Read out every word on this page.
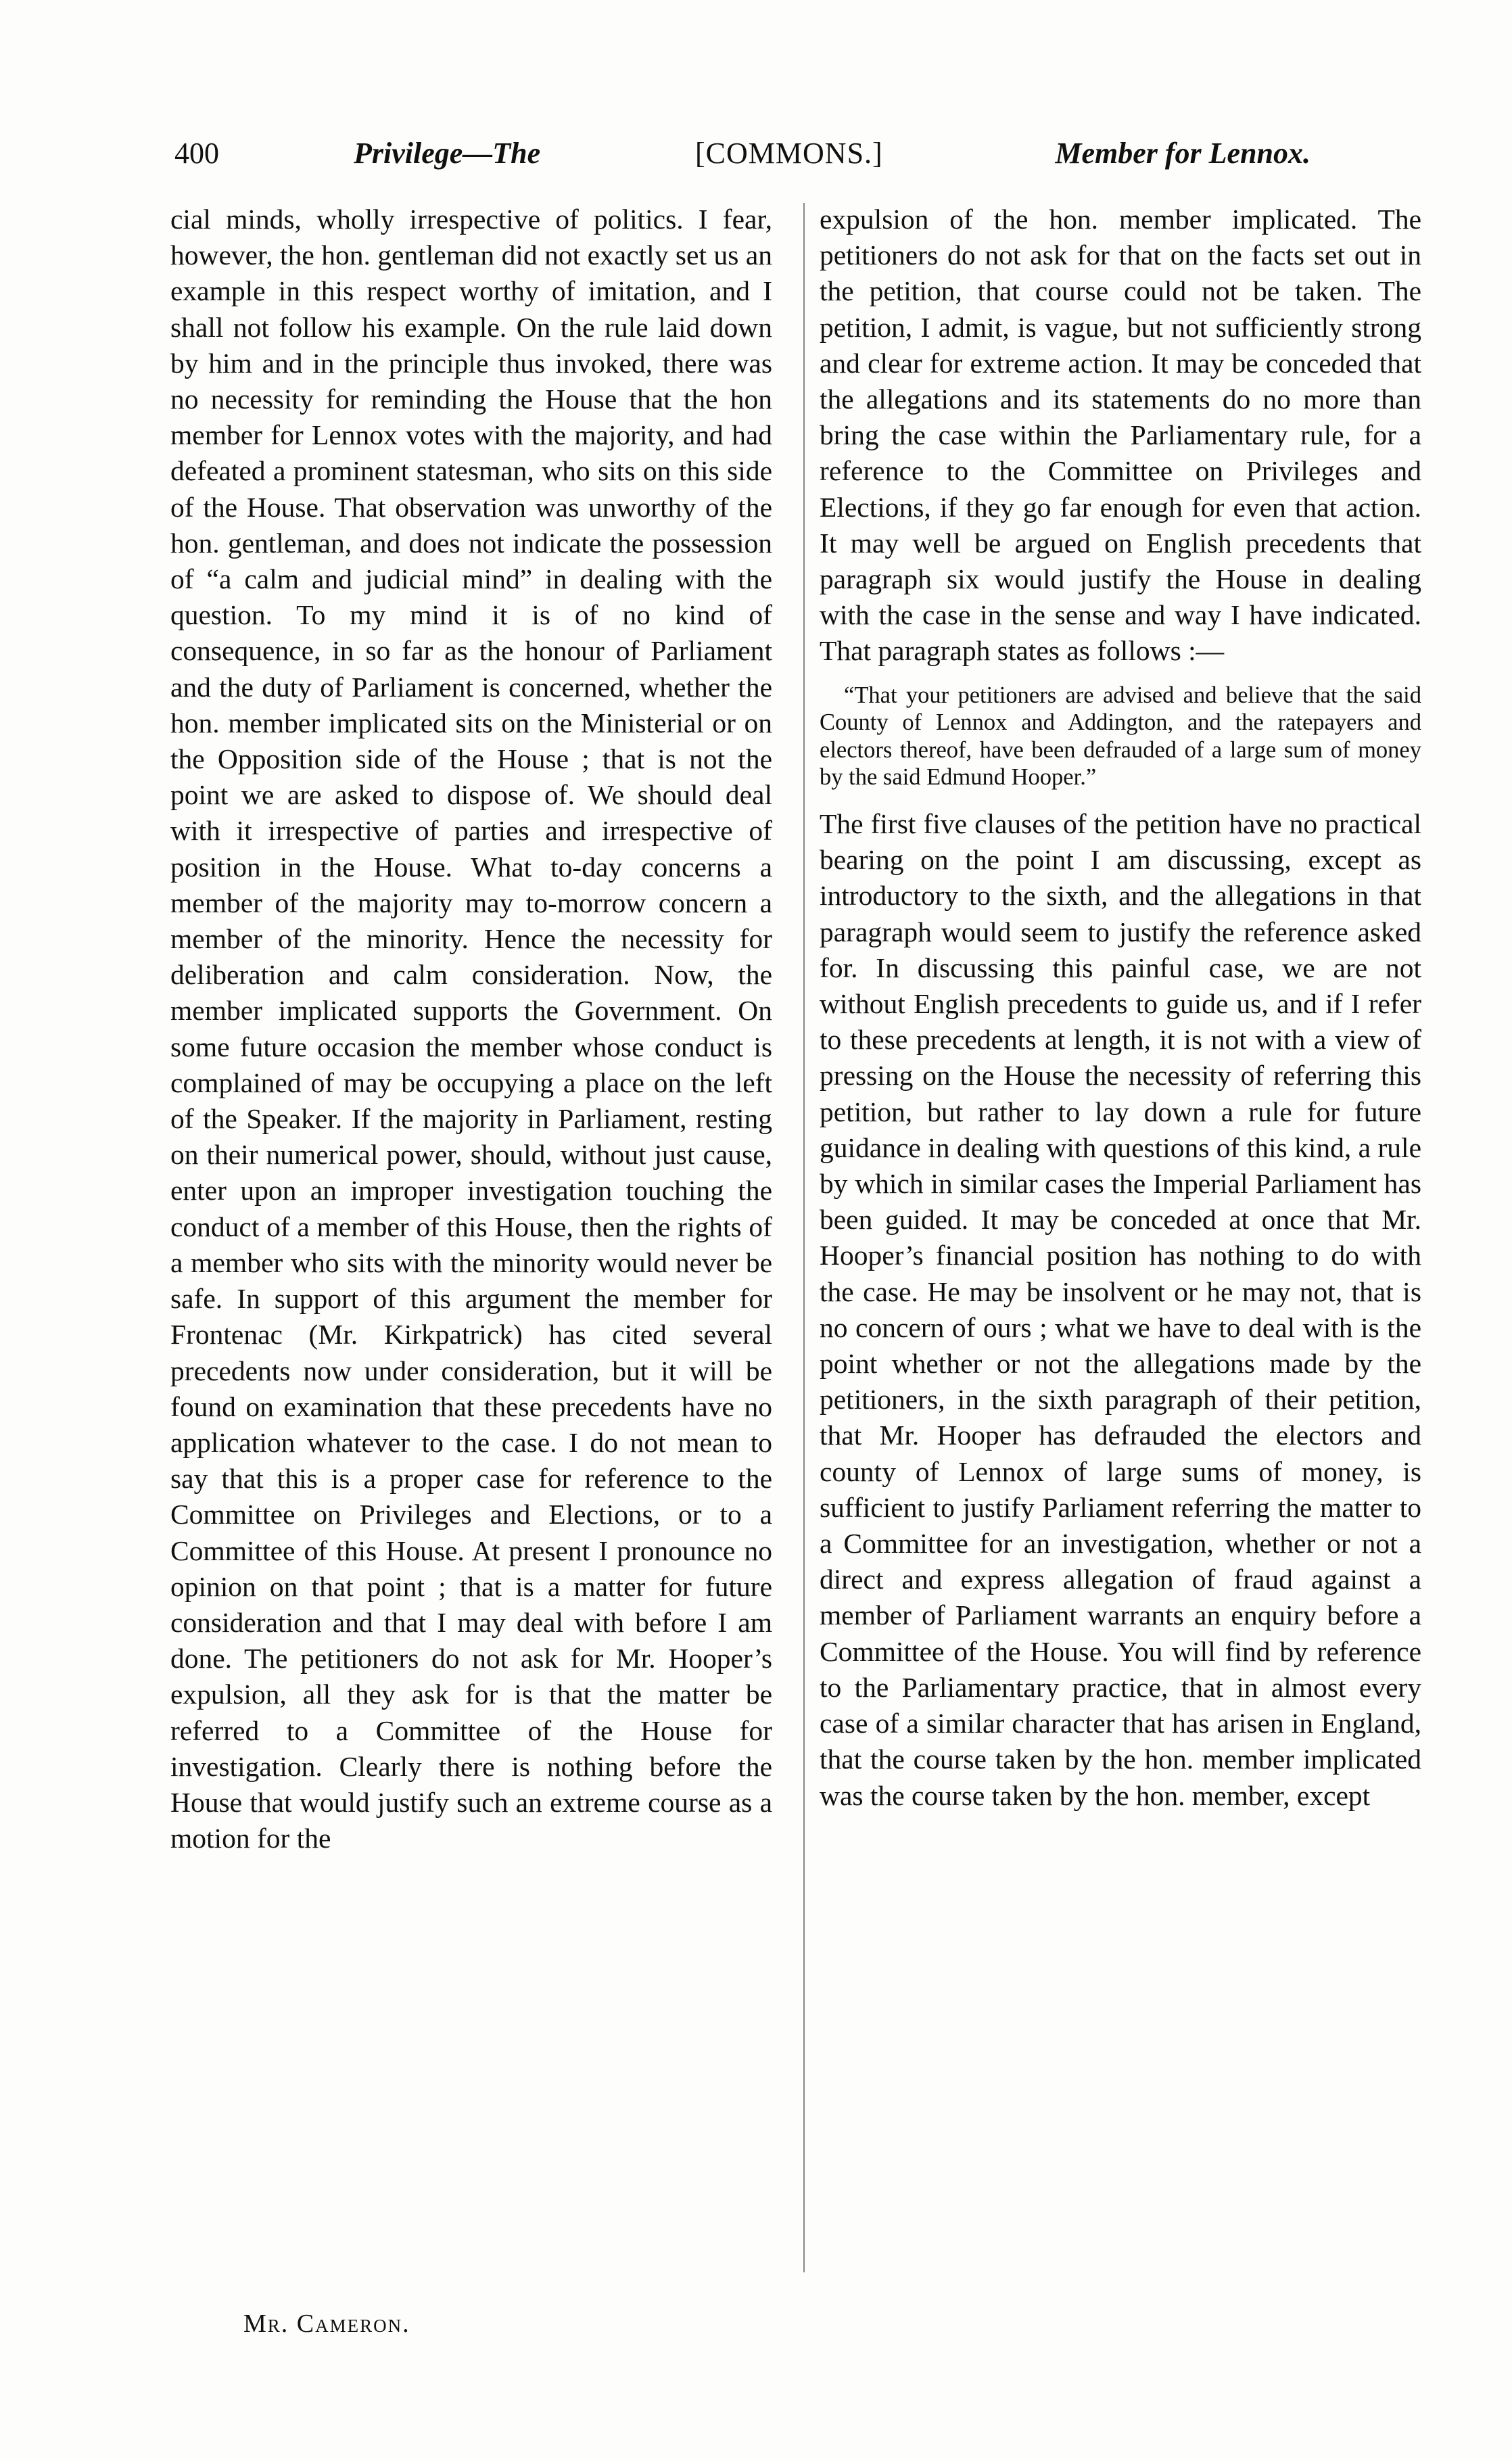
400	Privilege—The	[COMMONS.]	Member for Lennox.

cial minds, wholly irrespective of politics. I fear, however, the hon. gentleman did not exactly set us an example in this respect worthy of imitation, and I shall not follow his example. On the rule laid down by him and in the principle thus invoked, there was no necessity for reminding the House that the hon member for Lennox votes with the majority, and had defeated a prominent statesman, who sits on this side of the House. That observation was unworthy of the hon. gentleman, and does not indicate the possession of “a calm and judicial mind” in dealing with the question. To my mind it is of no kind of consequence, in so far as the honour of Parliament and the duty of Parliament is concerned, whether the hon. member implicated sits on the Ministerial or on the Opposition side of the House ; that is not the point we are asked to dispose of. We should deal with it irrespective of parties and irrespective of position in the House. What to-day concerns a member of the majority may to-morrow concern a member of the minority. Hence the necessity for deliberation and calm consideration. Now, the member implicated supports the Government. On some future occasion the member whose conduct is complained of may be occupying a place on the left of the Speaker. If the majority in Parliament, resting on their numerical power, should, without just cause, enter upon an improper investigation touching the conduct of a member of this House, then the rights of a member who sits with the minority would never be safe. In support of this argument the member for Frontenac (Mr. Kirkpatrick) has cited several precedents now under consideration, but it will be found on examination that these precedents have no application whatever to the case. I do not mean to say that this is a proper case for reference to the Committee on Privileges and Elections, or to a Committee of this House. At present I pronounce no opinion on that point ; that is a matter for future consideration and that I may deal with before I am done. The petitioners do not ask for Mr. Hooper’s expulsion, all they ask for is that the matter be referred to a Committee of the House for investigation. Clearly there is nothing before the House that would justify such an extreme course as a motion for the

expulsion of the hon. member implicated. The petitioners do not ask for that on the facts set out in the petition, that course could not be taken. The petition, I admit, is vague, but not sufficiently strong and clear for extreme action. It may be conceded that the allegations and its statements do no more than bring the case within the Parliamentary rule, for a reference to the Committee on Privileges and Elections, if they go far enough for even that action. It may well be argued on English precedents that paragraph six would justify the House in dealing with the case in the sense and way I have indicated. That paragraph states as follows :—

“That your petitioners are advised and believe that the said County of Lennox and Addington, and the ratepayers and electors thereof, have been defrauded of a large sum of money by the said Edmund Hooper.”

The first five clauses of the petition have no practical bearing on the point I am discussing, except as introductory to the sixth, and the allegations in that paragraph would seem to justify the reference asked for. In discussing this painful case, we are not without English precedents to guide us, and if I refer to these precedents at length, it is not with a view of pressing on the House the necessity of referring this petition, but rather to lay down a rule for future guidance in dealing with questions of this kind, a rule by which in similar cases the Imperial Parliament has been guided. It may be conceded at once that Mr. Hooper’s financial position has nothing to do with the case. He may be insolvent or he may not, that is no concern of ours ; what we have to deal with is the point whether or not the allegations made by the petitioners, in the sixth paragraph of their petition, that Mr. Hooper has defrauded the electors and county of Lennox of large sums of money, is sufficient to justify Parliament referring the matter to a Committee for an investigation, whether or not a direct and express allegation of fraud against a member of Parliament warrants an enquiry before a Committee of the House. You will find by reference to the Parliamentary practice, that in almost every case of a similar character that has arisen in England, that the course taken by the hon. member implicated was the course taken by the hon. member, except

Mr. Cameron.
